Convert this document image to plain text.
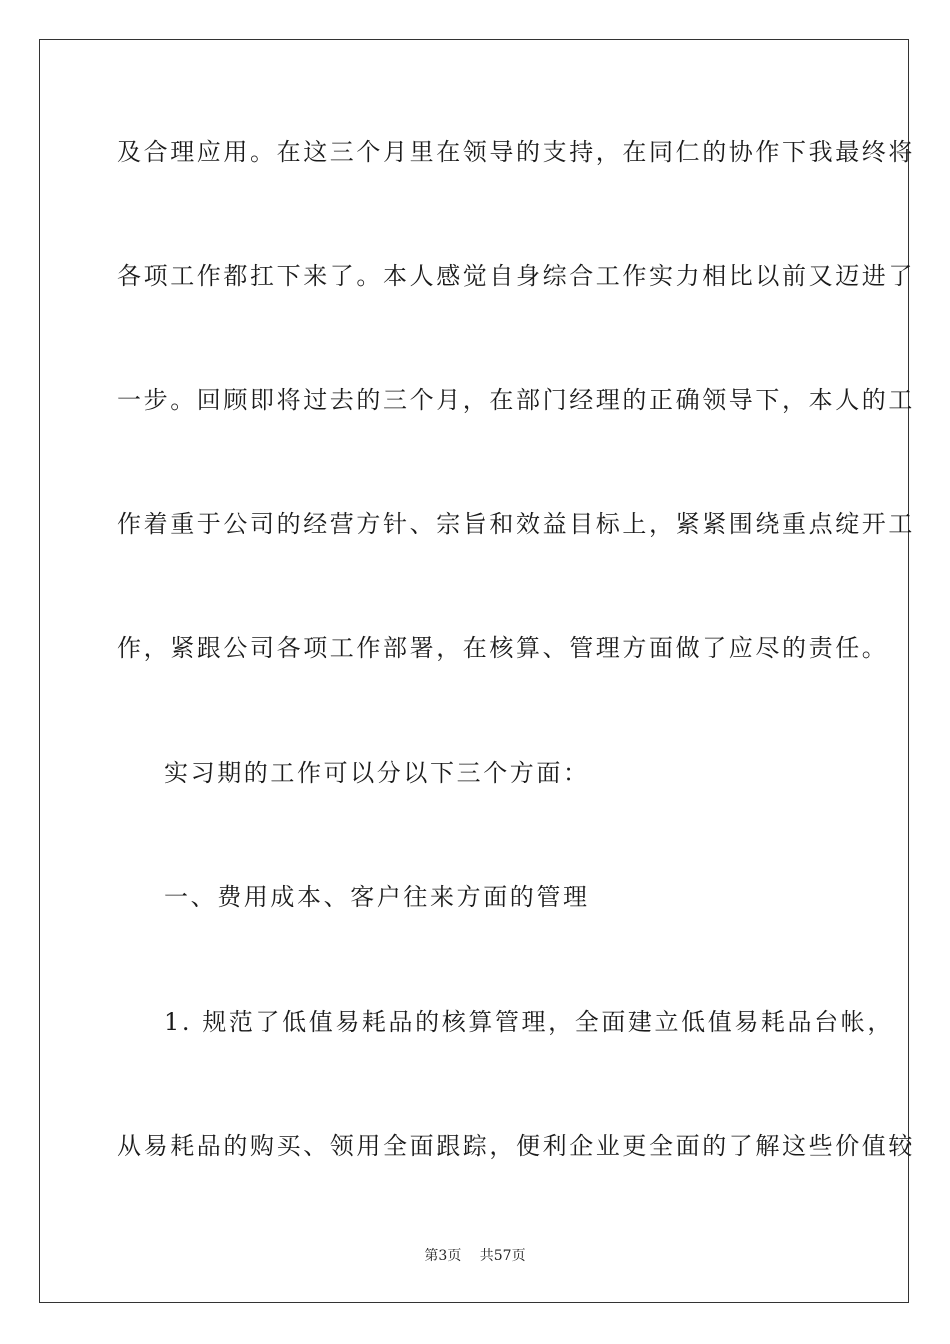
及合理应用。在这三个月里在领导的支持，在同仁的协作下我最终将
各项工作都扛下来了。本人感觉自身综合工作实力相比以前又迈进了
一步。回顾即将过去的三个月，在部门经理的正确领导下，本人的工
作着重于公司的经营方针、宗旨和效益目标上，紧紧围绕重点绽开工
作，紧跟公司各项工作部署，在核算、管理方面做了应尽的责任。
实习期的工作可以分以下三个方面：
一、费用成本、客户往来方面的管理
1. 规范了低值易耗品的核算管理，全面建立低值易耗品台帐，
从易耗品的购买、领用全面跟踪，便利企业更全面的了解这些价值较
第3页　 共57页
